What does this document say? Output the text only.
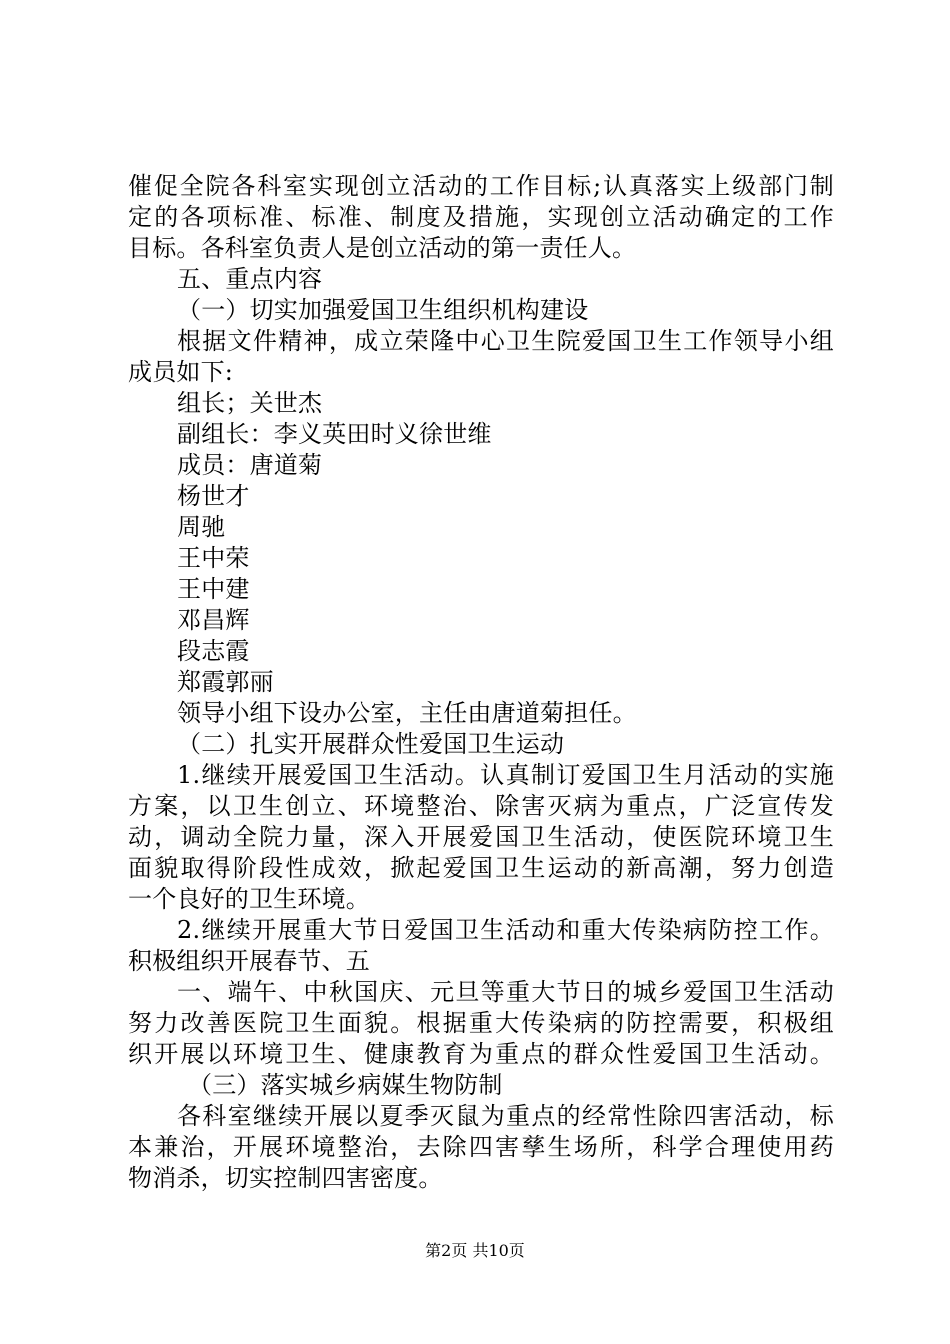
催促全院各科室实现创立活动的工作目标;认真落实上级部门制
定的各项标准、标准、制度及措施，实现创立活动确定的工作
目标。各科室负责人是创立活动的第一责任人。
五、重点内容
（一）切实加强爱国卫生组织机构建设
根据文件精神，成立荣隆中心卫生院爱国卫生工作领导小组
成员如下:
组长；关世杰
副组长：李义英田时义徐世维
成员：唐道菊
杨世才
周驰
王中荣
王中建
邓昌辉
段志霞
郑霞郭丽
领导小组下设办公室，主任由唐道菊担任。
（二）扎实开展群众性爱国卫生运动
1.继续开展爱国卫生活动。认真制订爱国卫生月活动的实施
方案，以卫生创立、环境整治、除害灭病为重点，广泛宣传发
动，调动全院力量，深入开展爱国卫生活动，使医院环境卫生
面貌取得阶段性成效，掀起爱国卫生运动的新高潮，努力创造
一个良好的卫生环境。
2.继续开展重大节日爱国卫生活动和重大传染病防控工作。
积极组织开展春节、五
一、端午、中秋国庆、元旦等重大节日的城乡爱国卫生活动
努力改善医院卫生面貌。根据重大传染病的防控需要，积极组
织开展以环境卫生、健康教育为重点的群众性爱国卫生活动。
（三）落实城乡病媒生物防制
各科室继续开展以夏季灭鼠为重点的经常性除四害活动，标
本兼治，开展环境整治，去除四害孳生场所，科学合理使用药
物消杀，切实控制四害密度。
第2页 共10页
